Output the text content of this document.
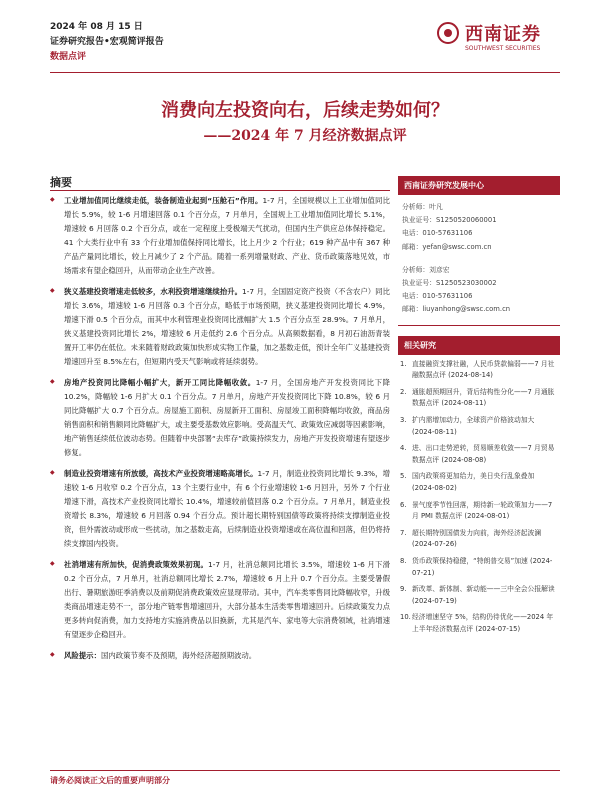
2024 年 08 月 15 日
证券研究报告•宏观简评报告
数据点评
西南证券
SOUTHWEST SECURITIES
消费向左投资向右，后续走势如何？
——2024 年 7 月经济数据点评
摘要
◆	工业增加值同比继续走低，装备制造业起到“压舱石”作用。1-7 月，全国规模以上工业增加值同比增长 5.9%，较 1-6 月增速回落 0.1 个百分点，7 月单月，全国规上工业增加值同比增长 5.1%，增速较 6 月回落 0.2 个百分点，或在一定程度上受极端天气扰动，但国内生产供应总体保持稳定。41 个大类行业中有 33 个行业增加值保持同比增长，比上月少 2 个行业；619 种产品中有 367 种产品产量同比增长，较上月减少了 2 个产品。随着一系列增量财政、产业、货币政策落地见效，市场需求有望企稳回升，从而带动企业生产改善。
◆	狭义基建投资增速走低较多，水利投资增速继续抬升。1-7 月，全国固定资产投资（不含农户）同比增长 3.6%，增速较 1-6 月回落 0.3 个百分点，略低于市场预期，狭义基建投资同比增长 4.9%，增速下滑 0.5 个百分点，而其中水利管理业投资同比涨幅扩大 1.5 个百分点至 28.9%。7 月单月，狭义基建投资同比增长 2%，增速较 6 月走低约 2.6 个百分点。从高频数据看，8 月初石油沥青装置开工率仍在低位。未来随着财政政策加快形成实物工作量，加之基数走低，预计全年广义基建投资增速回升至 8.5%左右，但短期内受天气影响或将延续弱势。
◆	房地产投资同比降幅小幅扩大，新开工同比降幅收敛。1-7 月，全国房地产开发投资同比下降 10.2%，降幅较 1-6 月扩大 0.1 个百分点。7 月单月，房地产开发投资同比下降 10.8%，较 6 月同比降幅扩大 0.7 个百分点。房屋施工面积、房屋新开工面积、房屋竣工面积降幅均收敛，商品房销售面积和销售额同比降幅扩大，或主要受基数效应影响。受高温天气、政策效应减弱等因素影响，地产销售延续低位波动态势。但随着中央部署“去库存”政策持续发力，房地产开发投资增速有望逐步修复。
◆	制造业投资增速有所放缓，高技术产业投资增速略高增长。1-7 月，制造业投资同比增长 9.3%，增速较 1-6 月收窄 0.2 个百分点，13 个主要行业中，有 6 个行业增速较 1-6 月回升，另外 7 个行业增速下滑，高技术产业投资同比增长 10.4%，增速较前值回落 0.2 个百分点。7 月单月，制造业投资增长 8.3%，增速较 6 月回落 0.94 个百分点。预计超长期特别国债等政策将持续支撑制造业投资，但外需波动或形成一些扰动，加之基数走高，后续制造业投资增速或在高位温和回落，但仍将持续支撑国内投资。
◆	社消增速有所加快，促消费政策效果初现。1-7 月，社消总额同比增长 3.5%，增速较 1-6 月下滑 0.2 个百分点，7 月单月，社消总额同比增长 2.7%，增速较 6 月上升 0.7 个百分点。主要受暑假出行、暑期旅游旺季消费以及前期促消费政策效应显现带动。其中，汽车类零售同比降幅收窄，升级类商品增速走势不一，部分地产链零售增速回升，大部分基本生活类零售增速回升。后续政策发力点更多转向促消费，加力支持地方实施消费品以旧换新，尤其是汽车、家电等大宗消费领域，社消增速有望逐步企稳回升。
◆	风险提示：国内政策节奏不及预期，海外经济超预期波动。
西南证券研究发展中心
分析师：叶凡
执业证号：S1250520060001
电话：010-57631106
邮箱：yefan@swsc.com.cn
分析师：刘彦宏
执业证号：S1250523030002
电话：010-57631106
邮箱：liuyanhong@swsc.com.cn
相关研究
1. 直接融资支撑社融，人民币贷款偏弱——7 月社融数据点评 (2024-08-14)
2. 通胀超预期回升，背后结构性分化——7 月通胀数据点评 (2024-08-11)
3. 扩内需增加动力，全球资产价格波动加大 (2024-08-11)
4. 进、出口走势逆转，贸易顺差收敛——7 月贸易数据点评 (2024-08-08)
5. 国内政策将更加给力，美日央行乱象叠加 (2024-08-02)
6. 景气度季节性回落，期待新一轮政策加力——7 月 PMI 数据点评 (2024-08-01)
7. 超长期特别国债发力向前，海外经济起波澜 (2024-07-26)
8. 货币政策保持稳健，“特朗普交易”加速 (2024-07-21)
9. 新改革、新体制、新动能——三中全会公报解读 (2024-07-19)
10. 经济增速坚守 5%，结构仍待优化——2024 年上半年经济数据点评 (2024-07-15)
请务必阅读正文后的重要声明部分
